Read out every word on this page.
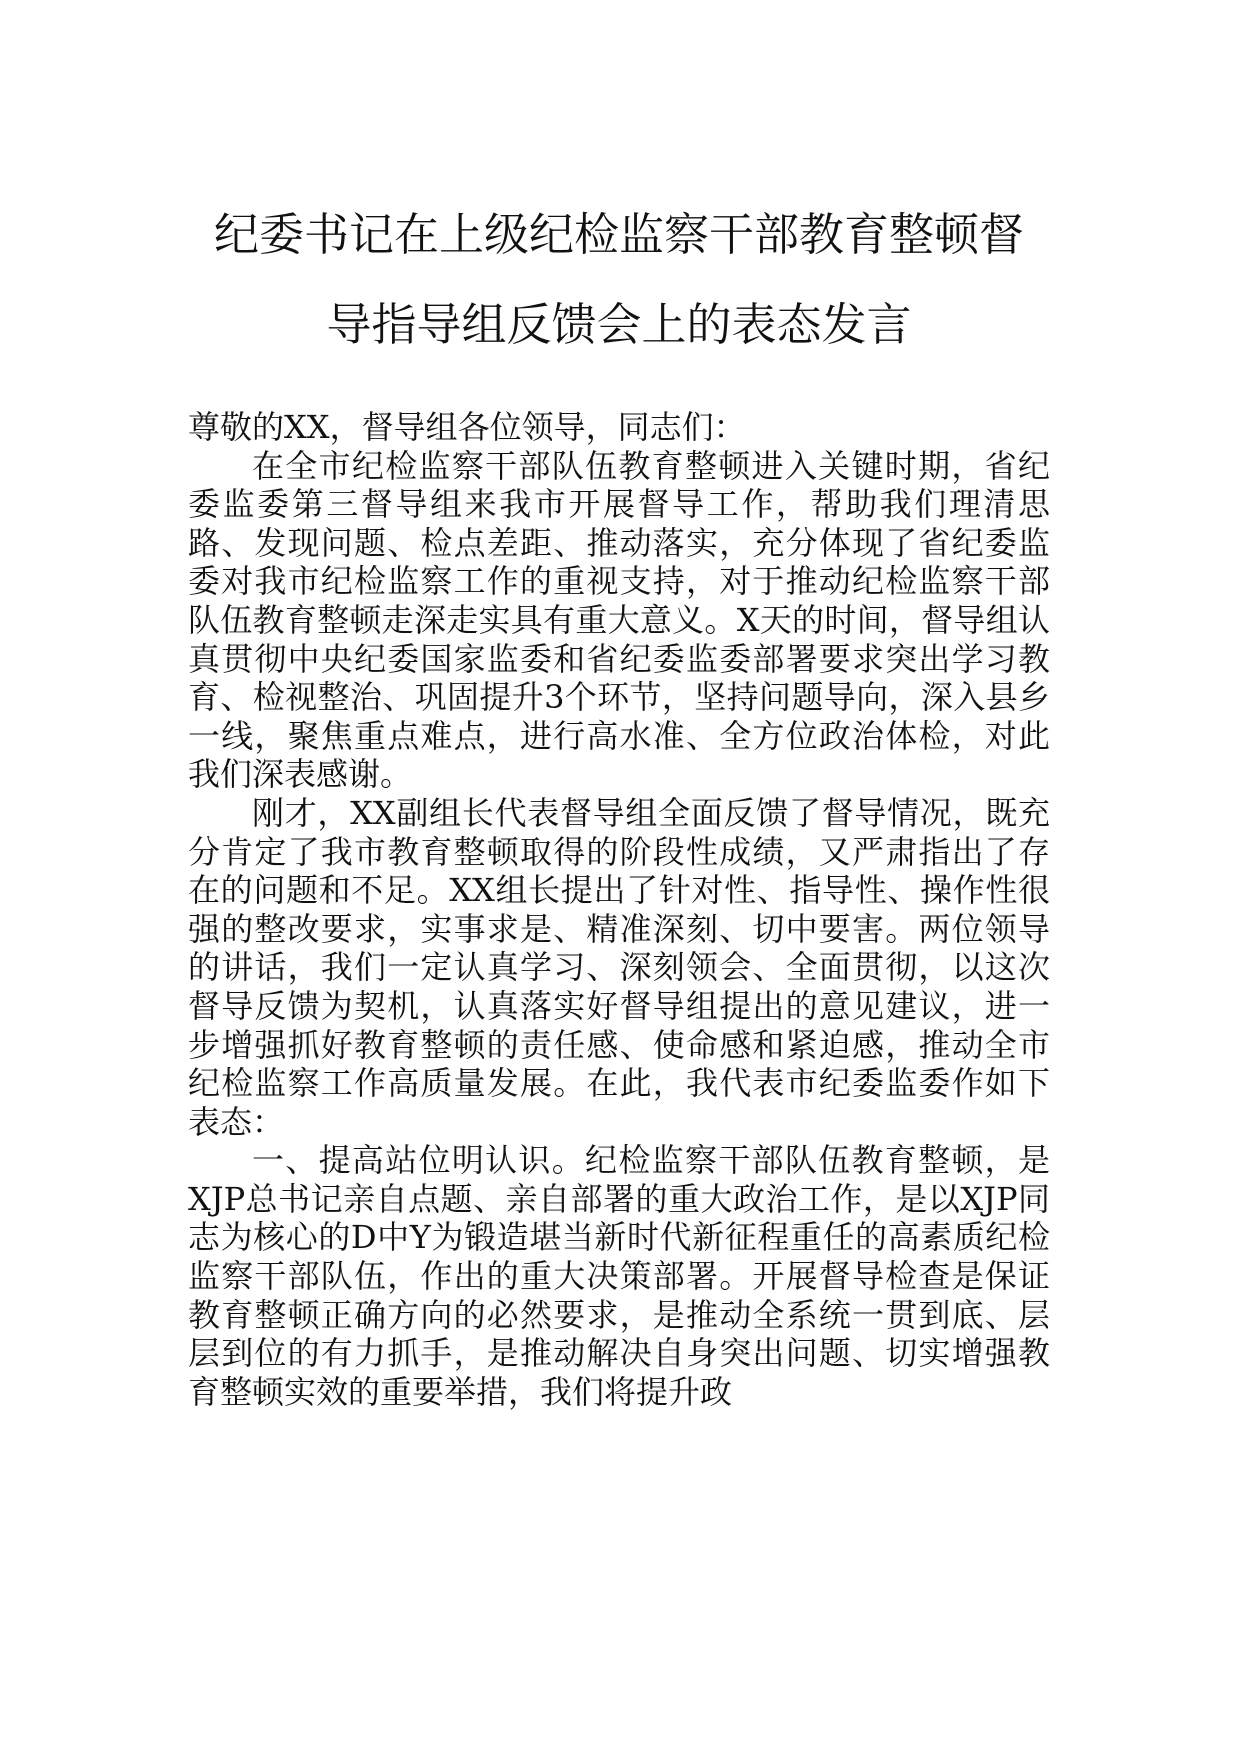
纪委书记在上级纪检监察干部教育整顿督
导指导组反馈会上的表态发言

尊敬的XX，督导组各位领导，同志们：

在全市纪检监察干部队伍教育整顿进入关键时期，省纪委监委第三督导组来我市开展督导工作，帮助我们理清思路、发现问题、检点差距、推动落实，充分体现了省纪委监委对我市纪检监察工作的重视支持，对于推动纪检监察干部队伍教育整顿走深走实具有重大意义。X天的时间，督导组认真贯彻中央纪委国家监委和省纪委监委部署要求突出学习教育、检视整治、巩固提升3个环节，坚持问题导向，深入县乡一线，聚焦重点难点，进行高水准、全方位政治体检，对此我们深表感谢。

刚才，XX副组长代表督导组全面反馈了督导情况，既充分肯定了我市教育整顿取得的阶段性成绩，又严肃指出了存在的问题和不足。XX组长提出了针对性、指导性、操作性很强的整改要求，实事求是、精准深刻、切中要害。两位领导的讲话，我们一定认真学习、深刻领会、全面贯彻，以这次督导反馈为契机，认真落实好督导组提出的意见建议，进一步增强抓好教育整顿的责任感、使命感和紧迫感，推动全市纪检监察工作高质量发展。在此，我代表市纪委监委作如下表态：

一、提高站位明认识。纪检监察干部队伍教育整顿，是XJP总书记亲自点题、亲自部署的重大政治工作，是以XJP同志为核心的D中Y为锻造堪当新时代新征程重任的高素质纪检监察干部队伍，作出的重大决策部署。开展督导检查是保证教育整顿正确方向的必然要求，是推动全系统一贯到底、层层到位的有力抓手，是推动解决自身突出问题、切实增强教育整顿实效的重要举措，我们将提升政
